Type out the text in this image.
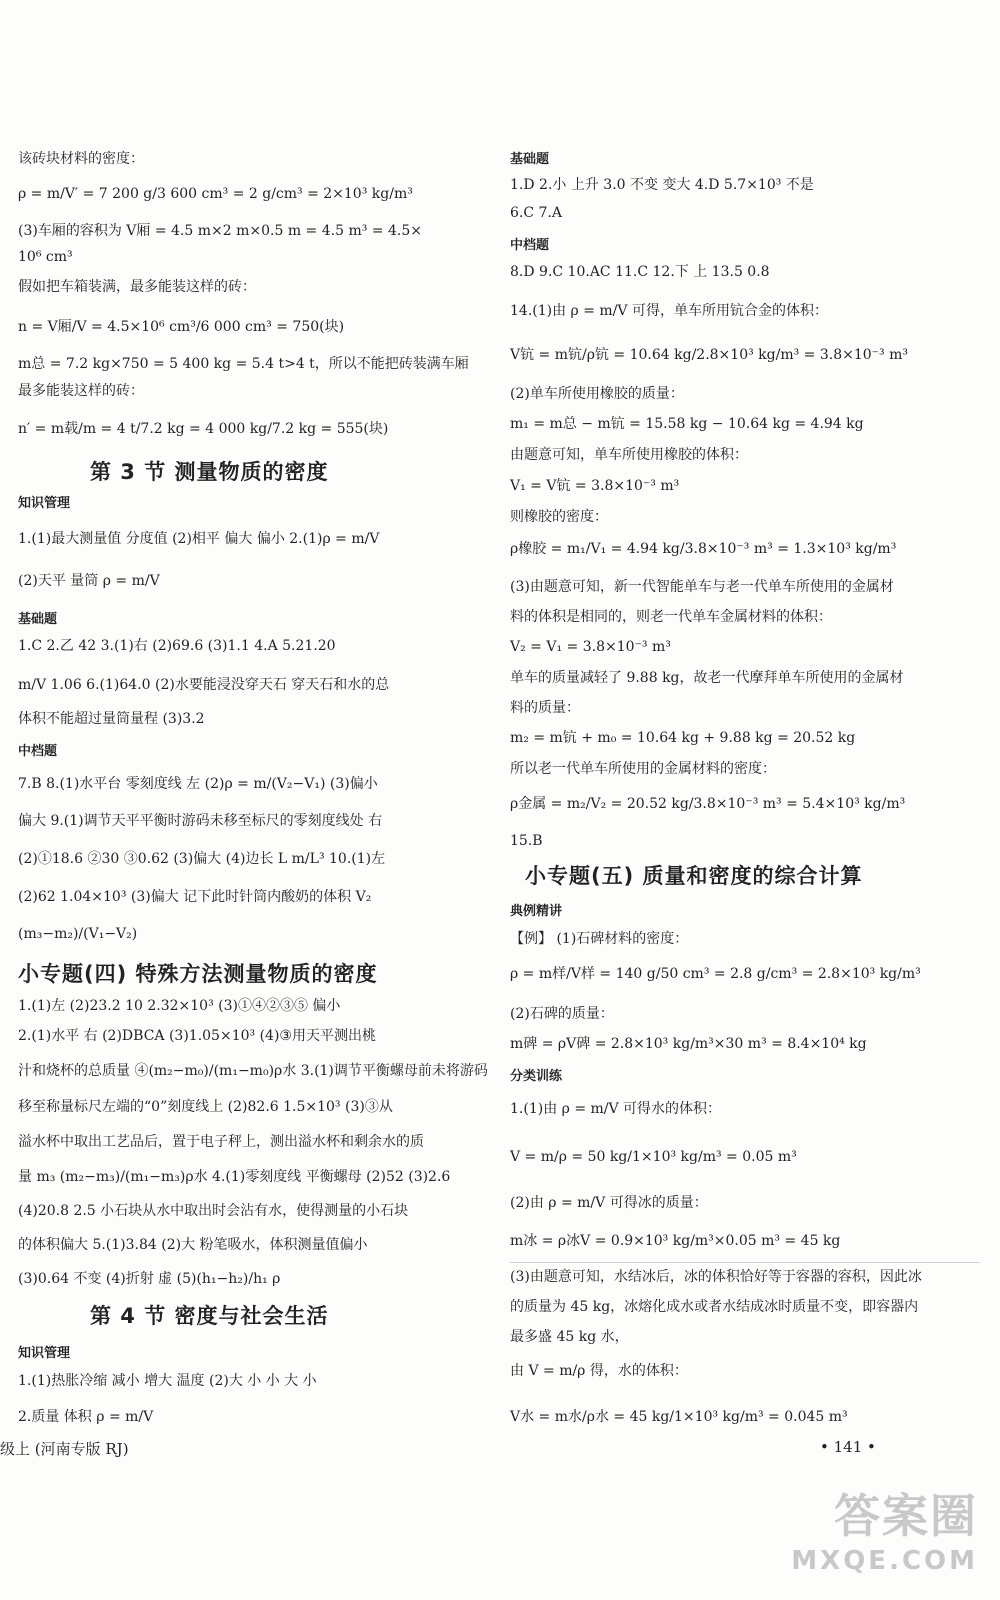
该砖块材料的密度：
ρ = m/V′ = 7 200 g/3 600 cm³ = 2 g/cm³ = 2×10³ kg/m³
(3)车厢的容积为 V厢 = 4.5 m×2 m×0.5 m = 4.5 m³ = 4.5×
10⁶ cm³
假如把车箱装满，最多能装这样的砖：
n = V厢/V = 4.5×10⁶ cm³/6 000 cm³ = 750(块)
m总 = 7.2 kg×750 = 5 400 kg = 5.4 t>4 t，所以不能把砖装满车厢
最多能装这样的砖：
n′ = m载/m = 4 t/7.2 kg = 4 000 kg/7.2 kg = 555(块)
第 3 节 测量物质的密度
知识管理
1.(1)最大测量值 分度值 (2)相平 偏大 偏小 2.(1)ρ = m/V
(2)天平 量筒 ρ = m/V
基础题
1.C 2.乙 42 3.(1)右 (2)69.6 (3)1.1 4.A 5.21.20
m/V 1.06 6.(1)64.0 (2)水要能浸没穿天石 穿天石和水的总
体积不能超过量筒量程 (3)3.2
中档题
7.B 8.(1)水平台 零刻度线 左 (2)ρ = m/(V₂−V₁) (3)偏小
偏大 9.(1)调节天平平衡时游码未移至标尺的零刻度线处 右
(2)①18.6 ②30 ③0.62 (3)偏大 (4)边长 L m/L³ 10.(1)左
(2)62 1.04×10³ (3)偏大 记下此时针筒内酸奶的体积 V₂
(m₃−m₂)/(V₁−V₂)
小专题(四) 特殊方法测量物质的密度
1.(1)左 (2)23.2 10 2.32×10³ (3)①④②③⑤ 偏小
2.(1)水平 右 (2)DBCA (3)1.05×10³ (4)③用天平测出桃
汁和烧杯的总质量 ④(m₂−m₀)/(m₁−m₀)ρ水 3.(1)调节平衡螺母前未将游码
移至称量标尺左端的“0”刻度线上 (2)82.6 1.5×10³ (3)③从
溢水杯中取出工艺品后，置于电子秤上，测出溢水杯和剩余水的质
量 m₃ (m₂−m₃)/(m₁−m₃)ρ水 4.(1)零刻度线 平衡螺母 (2)52 (3)2.6
(4)20.8 2.5 小石块从水中取出时会沾有水，使得测量的小石块
的体积偏大 5.(1)3.84 (2)大 粉笔吸水，体积测量值偏小
(3)0.64 不变 (4)折射 虚 (5)(h₁−h₂)/h₁ ρ
第 4 节 密度与社会生活
知识管理
1.(1)热胀冷缩 减小 增大 温度 (2)大 小 小 大 小
2.质量 体积 ρ = m/V
基础题
1.D 2.小 上升 3.0 不变 变大 4.D 5.7×10³ 不是
6.C 7.A
中档题
8.D 9.C 10.AC 11.C 12.下 上 13.5 0.8
14.(1)由 ρ = m/V 可得，单车所用钪合金的体积：
V钪 = m钪/ρ钪 = 10.64 kg/2.8×10³ kg/m³ = 3.8×10⁻³ m³
(2)单车所使用橡胶的质量：
m₁ = m总 − m钪 = 15.58 kg − 10.64 kg = 4.94 kg
由题意可知，单车所使用橡胶的体积：
V₁ = V钪 = 3.8×10⁻³ m³
则橡胶的密度：
ρ橡胶 = m₁/V₁ = 4.94 kg/3.8×10⁻³ m³ = 1.3×10³ kg/m³
(3)由题意可知，新一代智能单车与老一代单车所使用的金属材
料的体积是相同的，则老一代单车金属材料的体积：
V₂ = V₁ = 3.8×10⁻³ m³
单车的质量减轻了 9.88 kg，故老一代摩拜单车所使用的金属材
料的质量：
m₂ = m钪 + m₀ = 10.64 kg + 9.88 kg = 20.52 kg
所以老一代单车所使用的金属材料的密度：
ρ金属 = m₂/V₂ = 20.52 kg/3.8×10⁻³ m³ = 5.4×10³ kg/m³
15.B
小专题(五) 质量和密度的综合计算
典例精讲
【例】 (1)石碑材料的密度：
ρ = m样/V样 = 140 g/50 cm³ = 2.8 g/cm³ = 2.8×10³ kg/m³
(2)石碑的质量：
m碑 = ρV碑 = 2.8×10³ kg/m³×30 m³ = 8.4×10⁴ kg
分类训练
1.(1)由 ρ = m/V 可得水的体积：
V = m/ρ = 50 kg/1×10³ kg/m³ = 0.05 m³
(2)由 ρ = m/V 可得冰的质量：
m冰 = ρ冰V = 0.9×10³ kg/m³×0.05 m³ = 45 kg
(3)由题意可知，水结冰后，冰的体积恰好等于容器的容积，因此冰
的质量为 45 kg，冰熔化成水或者水结成冰时质量不变，即容器内
最多盛 45 kg 水，
由 V = m/ρ 得，水的体积：
V水 = m水/ρ水 = 45 kg/1×10³ kg/m³ = 0.045 m³
级上 (河南专版 RJ)	• 141 •
答案圈
MXQE.COM
